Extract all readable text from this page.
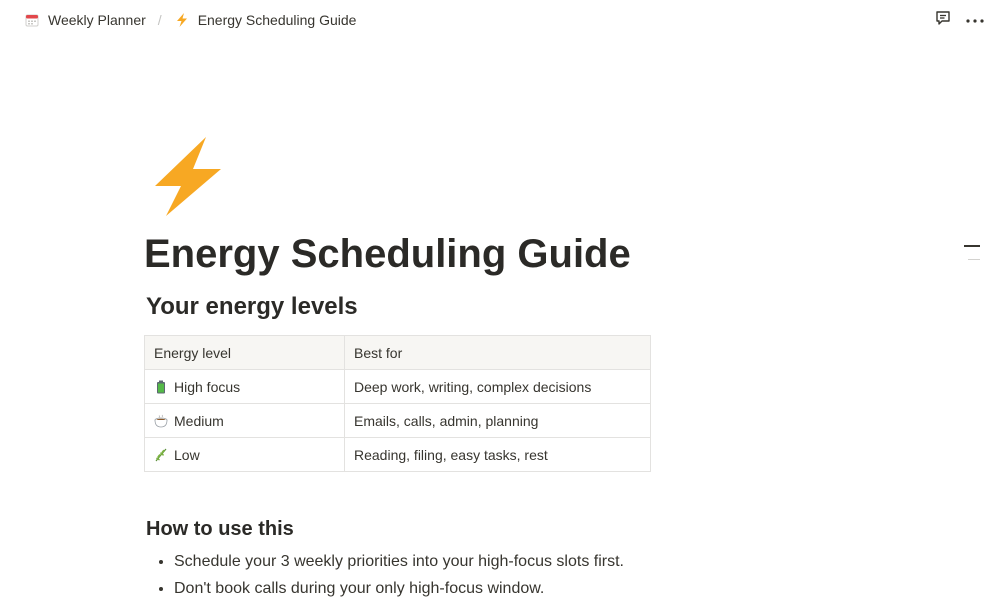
Weekly Planner /	Energy Scheduling Guide
Energy Scheduling Guide
Your energy levels
Energy level	Best for
High focus	Deep work, writing, complex decisions
Medium	Emails, calls, admin, planning
Low	Reading, filing, easy tasks, rest
How to use this
• Schedule your 3 weekly priorities into your high-focus slots first.
• Don't book calls during your only high-focus window.
